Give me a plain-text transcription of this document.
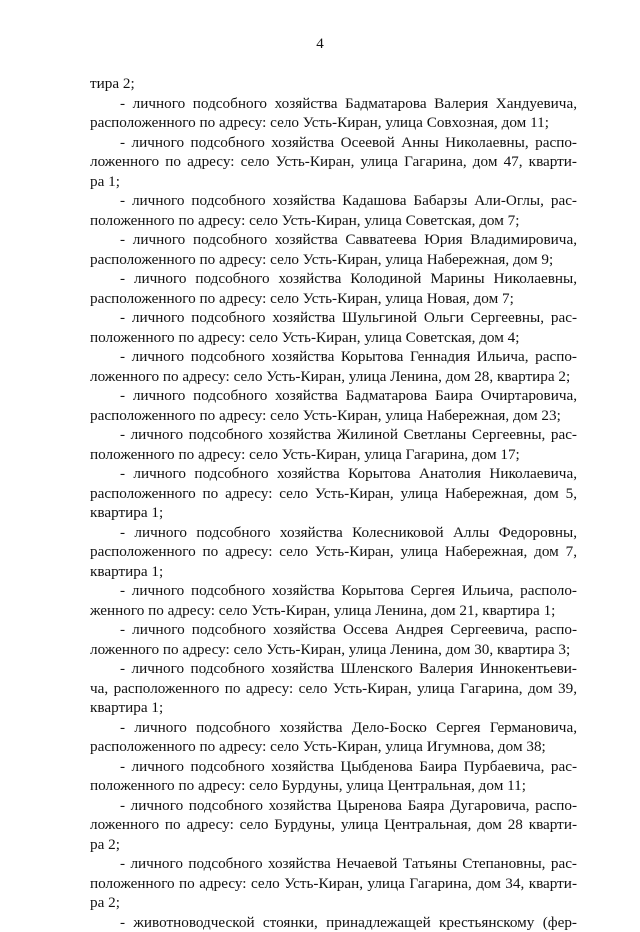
4
тира 2;
- личного подсобного хозяйства Бадматарова Валерия Хандуевича,
расположенного по адресу: село Усть-Киран, улица Совхозная, дом 11;
- личного подсобного хозяйства Осеевой Анны Николаевны, распо-
ложенного по адресу: село Усть-Киран, улица Гагарина, дом 47, кварти-
ра 1;
- личного подсобного хозяйства Кадашова Бабарзы Али-Оглы, рас-
положенного по адресу: село Усть-Киран, улица Советская, дом 7;
- личного подсобного хозяйства Савватеева Юрия Владимировича,
расположенного по адресу: село Усть-Киран, улица Набережная, дом 9;
- личного подсобного хозяйства Колодиной Марины Николаевны,
расположенного по адресу: село Усть-Киран, улица Новая, дом 7;
- личного подсобного хозяйства Шульгиной Ольги Сергеевны, рас-
положенного по адресу: село Усть-Киран, улица Советская, дом 4;
- личного подсобного хозяйства Корытова Геннадия Ильича, распо-
ложенного по адресу: село Усть-Киран, улица Ленина, дом 28, квартира 2;
- личного подсобного хозяйства Бадматарова Баира Очиртаровича,
расположенного по адресу: село Усть-Киран, улица Набережная, дом 23;
- личного подсобного хозяйства Жилиной Светланы Сергеевны, рас-
положенного по адресу: село Усть-Киран, улица Гагарина, дом 17;
- личного подсобного хозяйства Корытова Анатолия Николаевича,
расположенного по адресу: село Усть-Киран, улица Набережная, дом 5,
квартира 1;
- личного подсобного хозяйства Колесниковой Аллы Федоровны,
расположенного по адресу: село Усть-Киран, улица Набережная, дом 7,
квартира 1;
- личного подсобного хозяйства Корытова Сергея Ильича, располо-
женного по адресу: село Усть-Киран, улица Ленина, дом 21, квартира 1;
- личного подсобного хозяйства Оссева Андрея Сергеевича, распо-
ложенного по адресу: село Усть-Киран, улица Ленина, дом 30, квартира 3;
- личного подсобного хозяйства Шленского Валерия Иннокентьеви-
ча, расположенного по адресу: село Усть-Киран, улица Гагарина, дом 39,
квартира 1;
- личного подсобного хозяйства Дело-Боско Сергея Германовича,
расположенного по адресу: село Усть-Киран, улица Игумнова, дом 38;
- личного подсобного хозяйства Цыбденова Баира Пурбаевича, рас-
положенного по адресу: село Бурдуны, улица Центральная, дом 11;
- личного подсобного хозяйства Цыренова Баяра Дугаровича, распо-
ложенного по адресу: село Бурдуны, улица Центральная, дом 28 кварти-
ра 2;
- личного подсобного хозяйства Нечаевой Татьяны Степановны, рас-
положенного по адресу: село Усть-Киран, улица Гагарина, дом 34, кварти-
ра 2;
- животноводческой стоянки, принадлежащей крестьянскому (фер-
